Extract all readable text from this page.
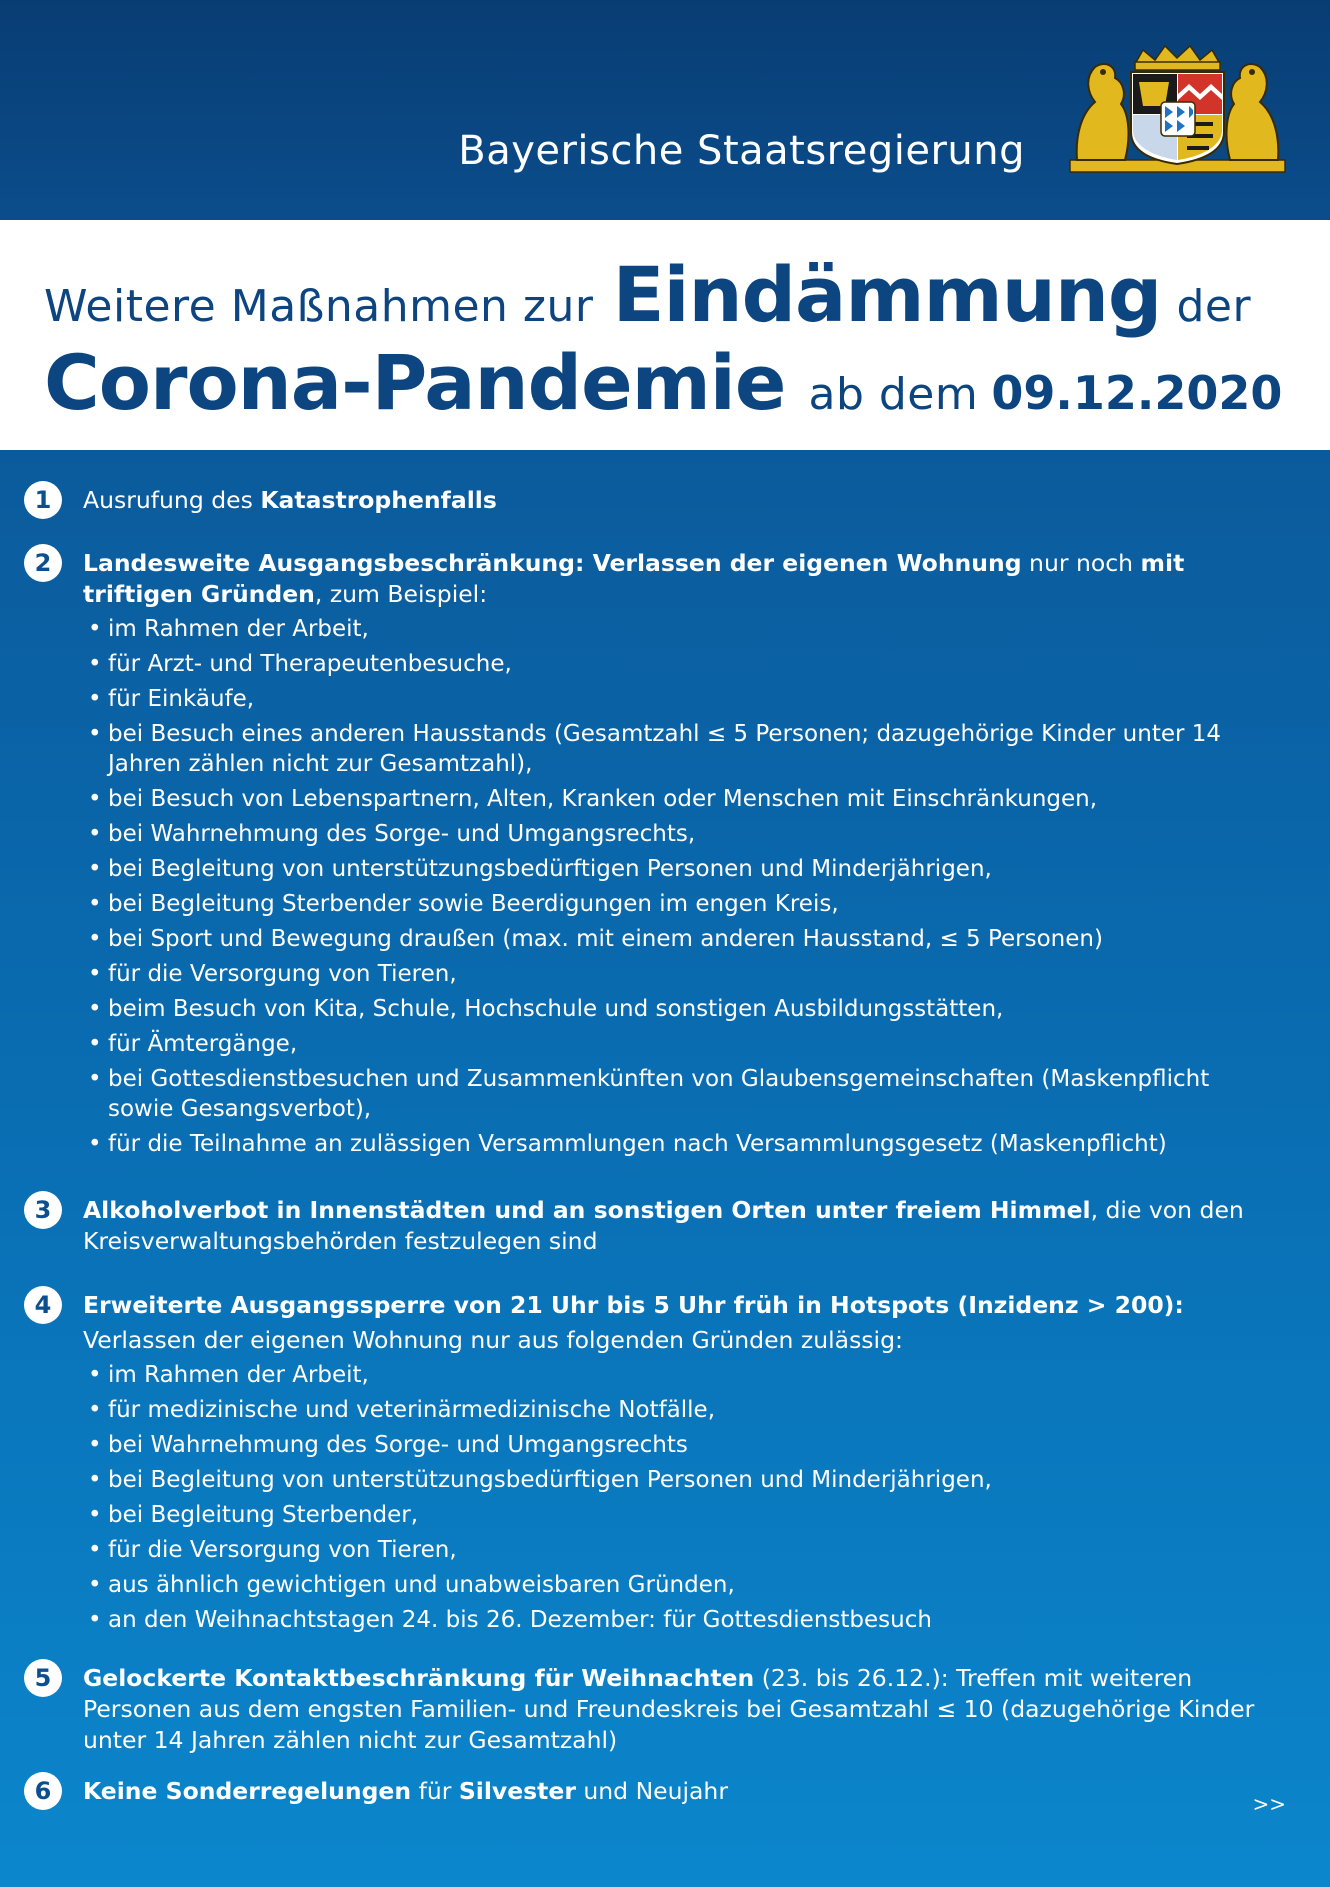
Bayerische Staatsregierung
Weitere Maßnahmen zur Eindämmung der
Corona-Pandemie ab dem 09.12.2020
1	Ausrufung des Katastrophenfalls
2	Landesweite Ausgangsbeschränkung: Verlassen der eigenen Wohnung nur noch mit triftigen Gründen, zum Beispiel:
• im Rahmen der Arbeit,
• für Arzt- und Therapeutenbesuche,
• für Einkäufe,
• bei Besuch eines anderen Hausstands (Gesamtzahl ≤ 5 Personen; dazugehörige Kinder unter 14 Jahren zählen nicht zur Gesamtzahl),
• bei Besuch von Lebenspartnern, Alten, Kranken oder Menschen mit Einschränkungen,
• bei Wahrnehmung des Sorge- und Umgangsrechts,
• bei Begleitung von unterstützungsbedürftigen Personen und Minderjährigen,
• bei Begleitung Sterbender sowie Beerdigungen im engen Kreis,
• bei Sport und Bewegung draußen (max. mit einem anderen Hausstand, ≤ 5 Personen)
• für die Versorgung von Tieren,
• beim Besuch von Kita, Schule, Hochschule und sonstigen Ausbildungsstätten,
• für Ämtergänge,
• bei Gottesdienstbesuchen und Zusammenkünften von Glaubensgemeinschaften (Maskenpflicht sowie Gesangsverbot),
• für die Teilnahme an zulässigen Versammlungen nach Versammlungsgesetz (Maskenpflicht)
3	Alkoholverbot in Innenstädten und an sonstigen Orten unter freiem Himmel, die von den Kreisverwaltungsbehörden festzulegen sind
4	Erweiterte Ausgangssperre von 21 Uhr bis 5 Uhr früh in Hotspots (Inzidenz > 200):
Verlassen der eigenen Wohnung nur aus folgenden Gründen zulässig:
• im Rahmen der Arbeit,
• für medizinische und veterinärmedizinische Notfälle,
• bei Wahrnehmung des Sorge- und Umgangsrechts
• bei Begleitung von unterstützungsbedürftigen Personen und Minderjährigen,
• bei Begleitung Sterbender,
• für die Versorgung von Tieren,
• aus ähnlich gewichtigen und unabweisbaren Gründen,
• an den Weihnachtstagen 24. bis 26. Dezember: für Gottesdienstbesuch
5	Gelockerte Kontaktbeschränkung für Weihnachten (23. bis 26.12.): Treffen mit weiteren Personen aus dem engsten Familien- und Freundeskreis bei Gesamtzahl ≤ 10 (dazugehörige Kinder unter 14 Jahren zählen nicht zur Gesamtzahl)
6	Keine Sonderregelungen für Silvester und Neujahr	>>
